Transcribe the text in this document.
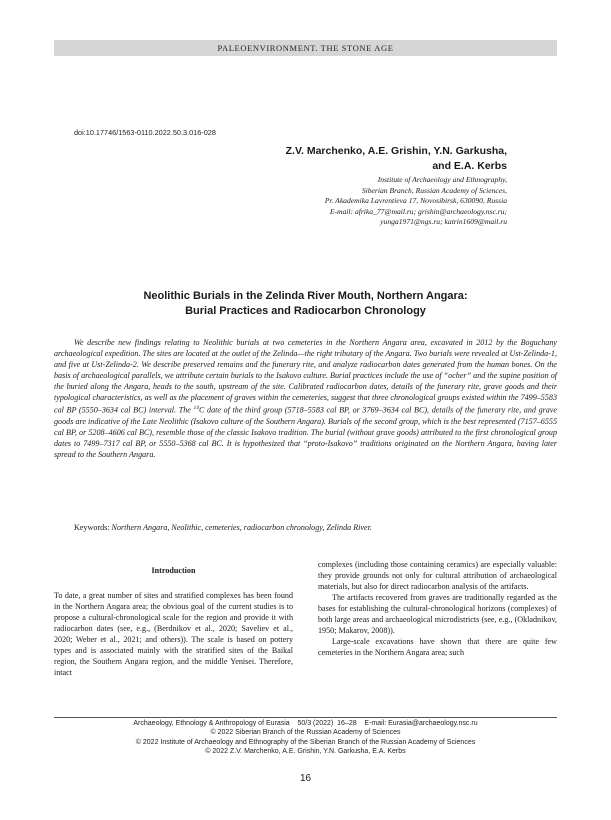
PALEOENVIRONMENT. THE STONE AGE
doi:10.17746/1563-0110.2022.50.3.016-028
Z.V. Marchenko, A.E. Grishin, Y.N. Garkusha,
and E.A. Kerbs
Institute of Archaeology and Ethnography,
Siberian Branch, Russian Academy of Sciences,
Pr. Akademika Lavrentieva 17, Novosibirsk, 630090, Russia
E-mail: afrika_77@mail.ru; grishin@archaeology.nsc.ru;
yunga1971@ngs.ru; katrin1609@mail.ru
Neolithic Burials in the Zelinda River Mouth, Northern Angara:
Burial Practices and Radiocarbon Chronology

We describe new findings relating to Neolithic burials at two cemeteries in the Northern Angara area, excavated in 2012 by the Boguchany archaeological expedition. The sites are located at the outlet of the Zelinda—the right tributary of the Angara. Two burials were revealed at Ust-Zelinda-1, and five at Ust-Zelinda-2. We describe preserved remains and the funerary rite, and analyze radiocarbon dates generated from the human bones. On the basis of archaeological parallels, we attribute certain burials to the Isakovo culture. Burial practices include the use of “ocher” and the supine position of the buried along the Angara, heads to the south, upstream of the site. Calibrated radiocarbon dates, details of the funerary rite, grave goods and their typological characteristics, as well as the placement of graves within the cemeteries, suggest that three chronological groups existed within the 7499–5583 cal BP (5550–3634 cal BC) interval. The $^{14}$C date of the third group (5718–5583 cal BP, or 3769–3634 cal BC), details of the funerary rite, and grave goods are indicative of the Late Neolithic (Isakovo culture of the Southern Angara). Burials of the second group, which is the best represented (7157–6555 cal BP, or 5208–4606 cal BC), resemble those of the classic Isakovo tradition. The burial (without grave goods) attributed to the first chronological group dates to 7499–7317 cal BP, or 5550–5368 cal BC. It is hypothesized that “proto-Isakovo” traditions originated on the Northern Angara, having later spread to the Southern Angara.

Keywords: Northern Angara, Neolithic, cemeteries, radiocarbon chronology, Zelinda River.

Introduction

To date, a great number of sites and stratified complexes has been found in the Northern Angara area; the obvious goal of the current studies is to propose a cultural-chronological scale for the region and provide it with radiocarbon dates (see, e.g., (Berdnikov et al., 2020; Saveliev et al., 2020; Weber et al., 2021; and others)). The scale is based on pottery types and is associated mainly with the stratified sites of the Baikal region, the Southern Angara region, and the middle Yenisei. Therefore, intact

complexes (including those containing ceramics) are especially valuable: they provide grounds not only for cultural attribution of archaeological materials, but also for direct radiocarbon analysis of the artifacts.

The artifacts recovered from graves are traditionally regarded as the bases for establishing the cultural-chronological horizons (complexes) of both large areas and archaeological microdistricts (see, e.g., (Okladnikov, 1950; Makarov, 2008)).

Large-scale excavations have shown that there are quite few cemeteries in the Northern Angara area; such

Archaeology, Ethnology & Anthropology of Eurasia    50/3 (2022)  16–28    E-mail: Eurasia@archaeology.nsc.ru
© 2022 Siberian Branch of the Russian Academy of Sciences
© 2022 Institute of Archaeology and Ethnography of the Siberian Branch of the Russian Academy of Sciences
© 2022 Z.V. Marchenko, A.E. Grishin, Y.N. Garkusha, E.A. Kerbs
16
